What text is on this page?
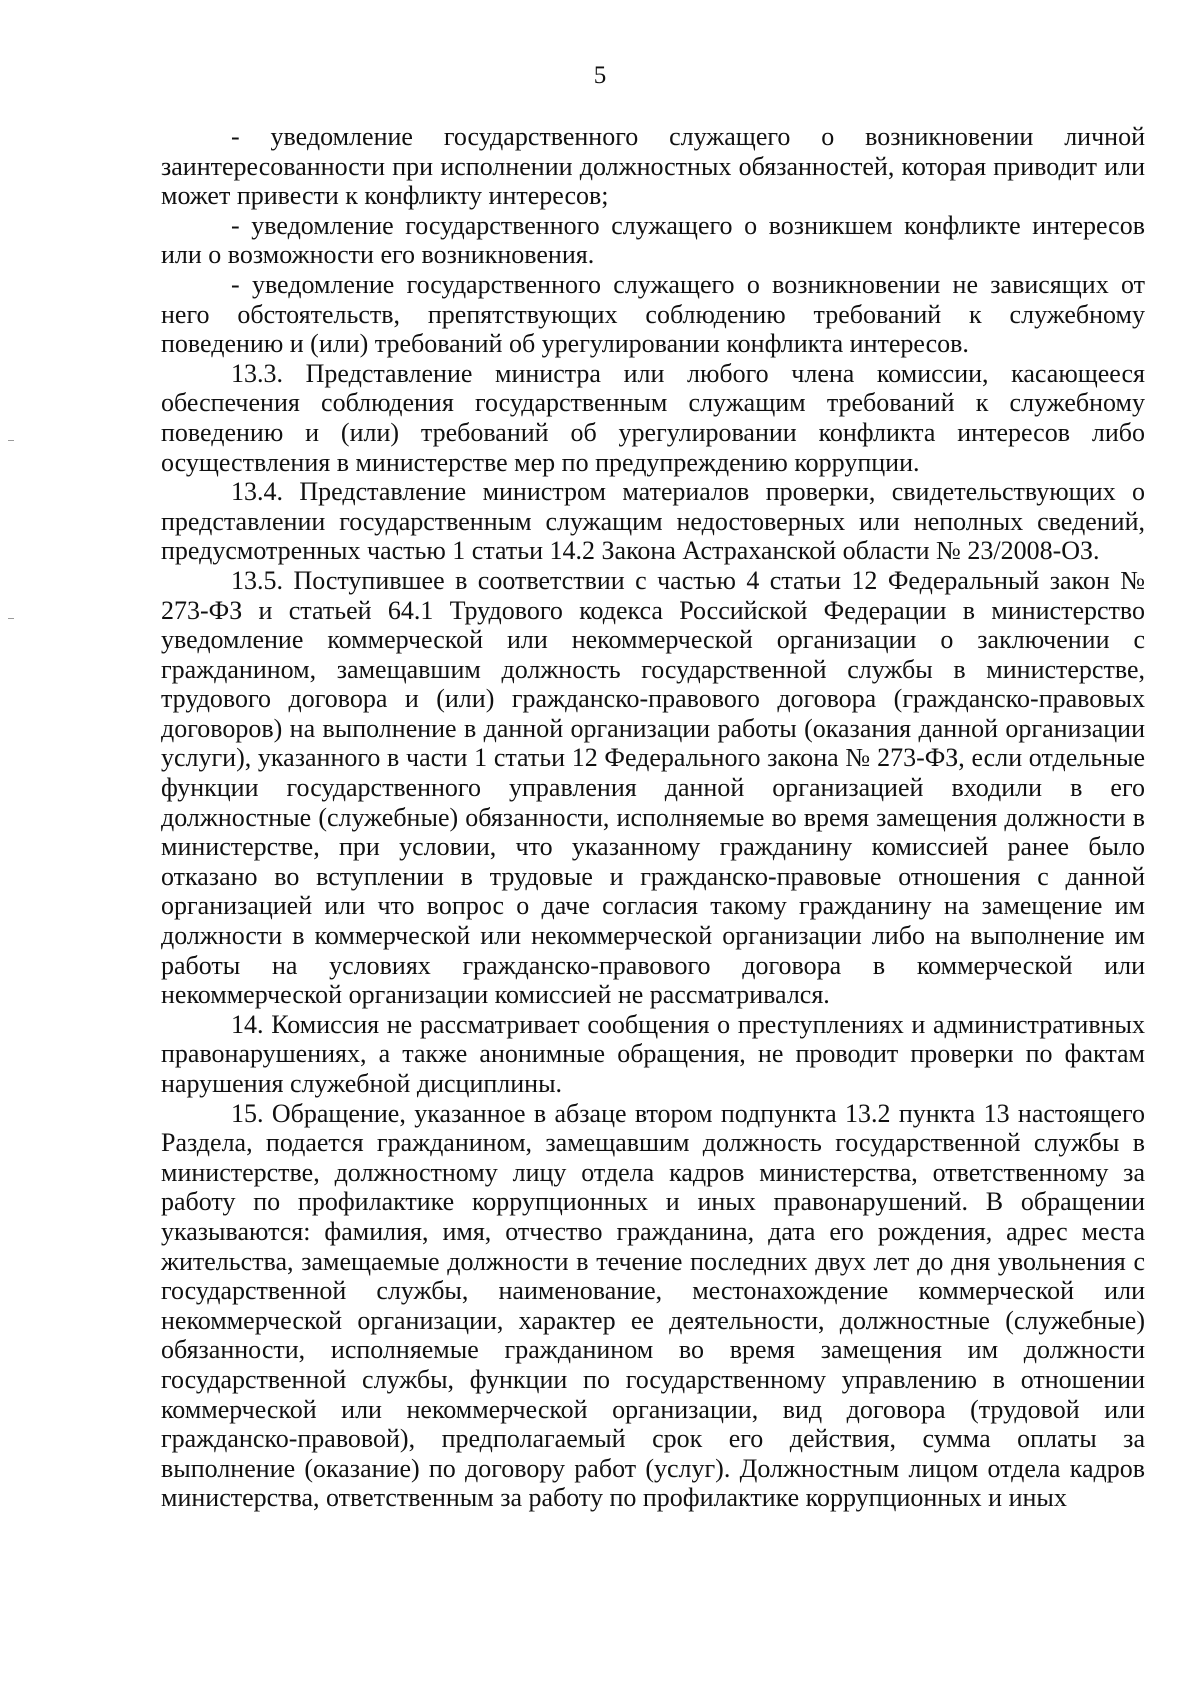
5

- уведомление государственного служащего о возникновении личной заинтересованности при исполнении должностных обязанностей, которая приводит или может привести к конфликту интересов;

- уведомление государственного служащего о возникшем конфликте интересов или о возможности его возникновения.

- уведомление государственного служащего о возникновении не зависящих от него обстоятельств, препятствующих соблюдению требований к служебному поведению и (или) требований об урегулировании конфликта интересов.

13.3. Представление министра или любого члена комиссии, касающееся обеспечения соблюдения государственным служащим требований к служебному поведению и (или) требований об урегулировании конфликта интересов либо осуществления в министерстве мер по предупреждению коррупции.

13.4. Представление министром материалов проверки, свидетельствующих о представлении государственным служащим недостоверных или неполных сведений, предусмотренных частью 1 статьи 14.2 Закона Астраханской области № 23/2008-ОЗ.

13.5. Поступившее в соответствии с частью 4 статьи 12 Федеральный закон № 273-ФЗ и статьей 64.1 Трудового кодекса Российской Федерации в министерство уведомление коммерческой или некоммерческой организации о заключении с гражданином, замещавшим должность государственной службы в министерстве, трудового договора и (или) гражданско-правового договора (гражданско-правовых договоров) на выполнение в данной организации работы (оказания данной организации услуги), указанного в части 1 статьи 12 Федерального закона № 273-ФЗ, если отдельные функции государственного управления данной организацией входили в его должностные (служебные) обязанности, исполняемые во время замещения должности в министерстве, при условии, что указанному гражданину комиссией ранее было отказано во вступлении в трудовые и гражданско-правовые отношения с данной организацией или что вопрос о даче согласия такому гражданину на замещение им должности в коммерческой или некоммерческой организации либо на выполнение им работы на условиях гражданско-правового договора в коммерческой или некоммерческой организации комиссией не рассматривался.

14. Комиссия не рассматривает сообщения о преступлениях и административных правонарушениях, а также анонимные обращения, не проводит проверки по фактам нарушения служебной дисциплины.

15. Обращение, указанное в абзаце втором подпункта 13.2 пункта 13 настоящего Раздела, подается гражданином, замещавшим должность государственной службы в министерстве, должностному лицу отдела кадров министерства, ответственному за работу по профилактике коррупционных и иных правонарушений. В обращении указываются: фамилия, имя, отчество гражданина, дата его рождения, адрес места жительства, замещаемые должности в течение последних двух лет до дня увольнения с государственной службы, наименование, местонахождение коммерческой или некоммерческой организации, характер ее деятельности, должностные (служебные) обязанности, исполняемые гражданином во время замещения им должности государственной службы, функции по государственному управлению в отношении коммерческой или некоммерческой организации, вид договора (трудовой или гражданско-правовой), предполагаемый срок его действия, сумма оплаты за выполнение (оказание) по договору работ (услуг). Должностным лицом отдела кадров министерства, ответственным за работу по профилактике коррупционных и иных
